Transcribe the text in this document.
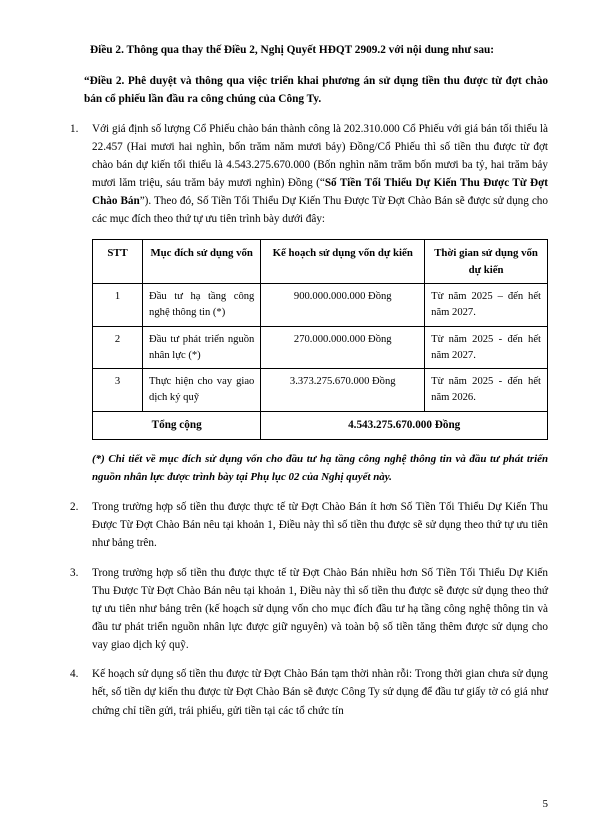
Điều 2. Thông qua thay thế Điều 2, Nghị Quyết HĐQT 2909.2 với nội dung như sau:

“Điều 2. Phê duyệt và thông qua việc triển khai phương án sử dụng tiền thu được từ đợt chào bán cổ phiếu lần đầu ra công chúng của Công Ty.

1. Với giá định số lượng Cổ Phiếu chào bán thành công là 202.310.000 Cổ Phiếu với giá bán tối thiểu là 22.457 (Hai mươi hai nghìn, bốn trăm năm mươi bảy) Đồng/Cổ Phiếu thì số tiền thu được từ đợt chào bán dự kiến tối thiểu là 4.543.275.670.000 (Bốn nghìn năm trăm bốn mươi ba tỷ, hai trăm bảy mươi lăm triệu, sáu trăm bảy mươi nghìn) Đồng (“Số Tiền Tối Thiểu Dự Kiến Thu Được Từ Đợt Chào Bán”). Theo đó, Số Tiền Tối Thiểu Dự Kiến Thu Được Từ Đợt Chào Bán sẽ được sử dụng cho các mục đích theo thứ tự ưu tiên trình bày dưới đây:
STT	Mục đích sử dụng vốn	Kế hoạch sử dụng vốn dự kiến	Thời gian sử dụng vốn dự kiến
1	Đầu tư hạ tầng công nghệ thông tin (*)	900.000.000.000 Đồng	Từ năm 2025 – đến hết năm 2027.
2	Đầu tư phát triển nguồn nhân lực (*)	270.000.000.000 Đồng	Từ năm 2025 - đến hết năm 2027.
3	Thực hiện cho vay giao dịch ký quỹ	3.373.275.670.000 Đồng	Từ năm 2025 - đến hết năm 2026.
Tổng cộng		4.543.275.670.000 Đồng	

(*) Chi tiết về mục đích sử dụng vốn cho đầu tư hạ tầng công nghệ thông tin và đầu tư phát triển nguồn nhân lực được trình bày tại Phụ lục 02 của Nghị quyết này.

2. Trong trường hợp số tiền thu được thực tế từ Đợt Chào Bán ít hơn Số Tiền Tối Thiểu Dự Kiến Thu Được Từ Đợt Chào Bán nêu tại khoản 1, Điều này thì số tiền thu được sẽ sử dụng theo thứ tự ưu tiên như bảng trên.
3. Trong trường hợp số tiền thu được thực tế từ Đợt Chào Bán nhiều hơn Số Tiền Tối Thiểu Dự Kiến Thu Được Từ Đợt Chào Bán nêu tại khoản 1, Điều này thì số tiền thu được sẽ được sử dụng theo thứ tự ưu tiên như bảng trên (kế hoạch sử dụng vốn cho mục đích đầu tư hạ tầng công nghệ thông tin và đầu tư phát triển nguồn nhân lực được giữ nguyên) và toàn bộ số tiền tăng thêm được sử dụng cho vay giao dịch ký quỹ.
4. Kế hoạch sử dụng số tiền thu được từ Đợt Chào Bán tạm thời nhàn rỗi: Trong thời gian chưa sử dụng hết, số tiền dự kiến thu được từ Đợt Chào Bán sẽ được Công Ty sử dụng để đầu tư giấy tờ có giá như chứng chỉ tiền gửi, trái phiếu, gửi tiền tại các tổ chức tín
5
